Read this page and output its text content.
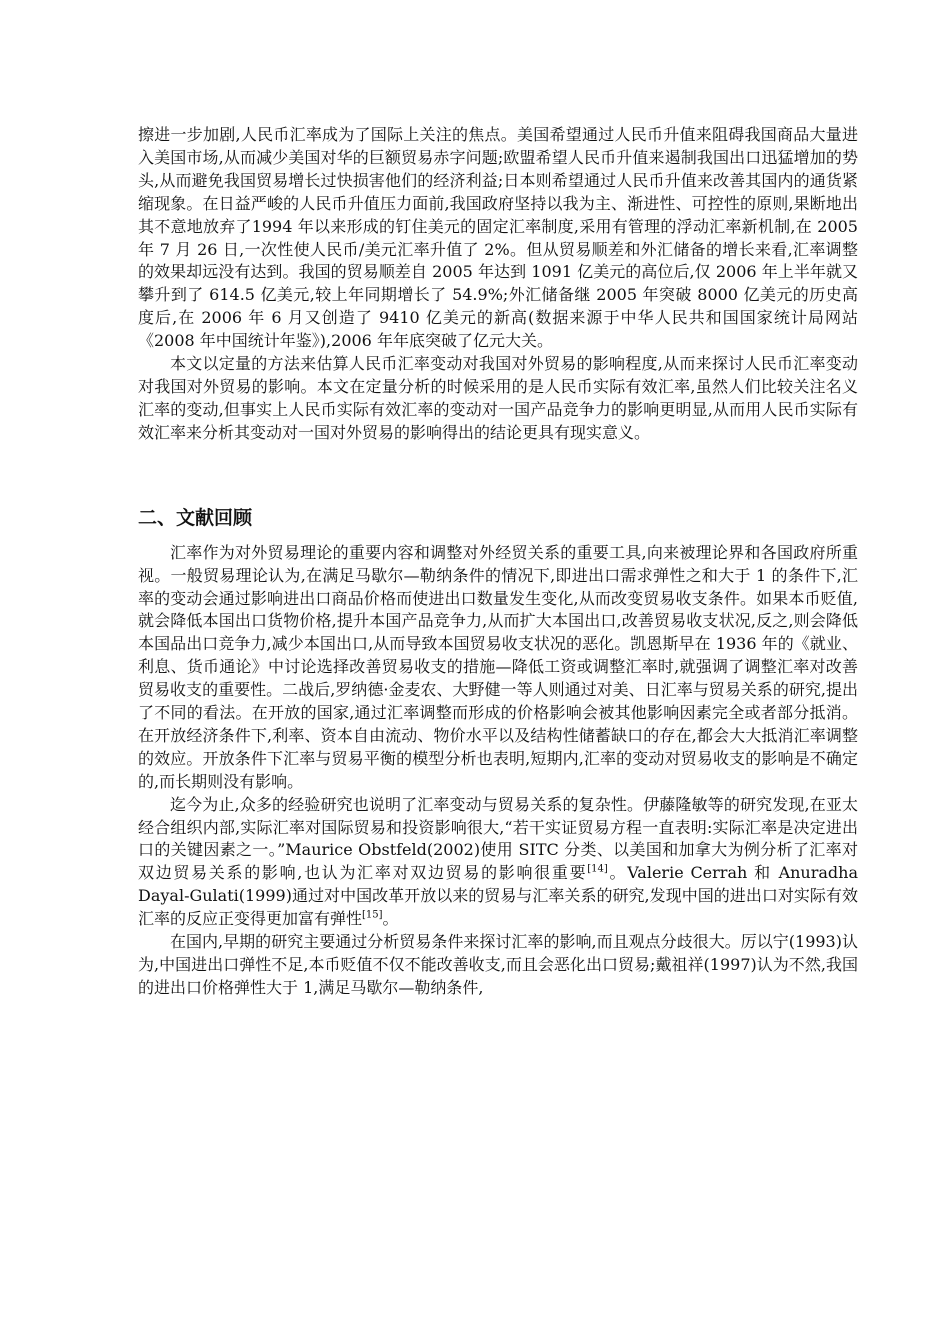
擦进一步加剧,人民币汇率成为了国际上关注的焦点。美国希望通过人民币升值来阻碍我国商品大量进入美国市场,从而减少美国对华的巨额贸易赤字问题;欧盟希望人民币升值来遏制我国出口迅猛增加的势头,从而避免我国贸易增长过快损害他们的经济利益;日本则希望通过人民币升值来改善其国内的通货紧缩现象。在日益严峻的人民币升值压力面前,我国政府坚持以我为主、渐进性、可控性的原则,果断地出其不意地放弃了1994 年以来形成的钉住美元的固定汇率制度,采用有管理的浮动汇率新机制,在 2005 年 7 月 26 日,一次性使人民币/美元汇率升值了 2%。但从贸易顺差和外汇储备的增长来看,汇率调整的效果却远没有达到。我国的贸易顺差自 2005 年达到 1091 亿美元的高位后,仅 2006 年上半年就又攀升到了 614.5 亿美元,较上年同期增长了 54.9%;外汇储备继 2005 年突破 8000 亿美元的历史高度后,在 2006 年 6 月又创造了 9410 亿美元的新高(数据来源于中华人民共和国国家统计局网站《2008 年中国统计年鉴》),2006 年年底突破了亿元大关。

本文以定量的方法来估算人民币汇率变动对我国对外贸易的影响程度,从而来探讨人民币汇率变动对我国对外贸易的影响。本文在定量分析的时候采用的是人民币实际有效汇率,虽然人们比较关注名义汇率的变动,但事实上人民币实际有效汇率的变动对一国产品竞争力的影响更明显,从而用人民币实际有效汇率来分析其变动对一国对外贸易的影响得出的结论更具有现实意义。

二、文献回顾

汇率作为对外贸易理论的重要内容和调整对外经贸关系的重要工具,向来被理论界和各国政府所重视。一般贸易理论认为,在满足马歇尔—勒纳条件的情况下,即进出口需求弹性之和大于 1 的条件下,汇率的变动会通过影响进出口商品价格而使进出口数量发生变化,从而改变贸易收支条件。如果本币贬值,就会降低本国出口货物价格,提升本国产品竞争力,从而扩大本国出口,改善贸易收支状况,反之,则会降低本国品出口竞争力,减少本国出口,从而导致本国贸易收支状况的恶化。凯恩斯早在 1936 年的《就业、利息、货币通论》中讨论选择改善贸易收支的措施—降低工资或调整汇率时,就强调了调整汇率对改善贸易收支的重要性。二战后,罗纳德·金麦农、大野健一等人则通过对美、日汇率与贸易关系的研究,提出了不同的看法。在开放的国家,通过汇率调整而形成的价格影响会被其他影响因素完全或者部分抵消。在开放经济条件下,利率、资本自由流动、物价水平以及结构性储蓄缺口的存在,都会大大抵消汇率调整的效应。开放条件下汇率与贸易平衡的模型分析也表明,短期内,汇率的变动对贸易收支的影响是不确定的,而长期则没有影响。

迄今为止,众多的经验研究也说明了汇率变动与贸易关系的复杂性。伊藤隆敏等的研究发现,在亚太经合组织内部,实际汇率对国际贸易和投资影响很大,“若干实证贸易方程一直表明:实际汇率是决定进出口的关键因素之一。”Maurice Obstfeld(2002)使用 SITC 分类、以美国和加拿大为例分析了汇率对双边贸易关系的影响,也认为汇率对双边贸易的影响很重要[14]。Valerie Cerrah 和 Anuradha Dayal-Gulati(1999)通过对中国改革开放以来的贸易与汇率关系的研究,发现中国的进出口对实际有效汇率的反应正变得更加富有弹性[15]。

在国内,早期的研究主要通过分析贸易条件来探讨汇率的影响,而且观点分歧很大。厉以宁(1993)认为,中国进出口弹性不足,本币贬值不仅不能改善收支,而且会恶化出口贸易;戴祖祥(1997)认为不然,我国的进出口价格弹性大于 1,满足马歇尔—勒纳条件,
